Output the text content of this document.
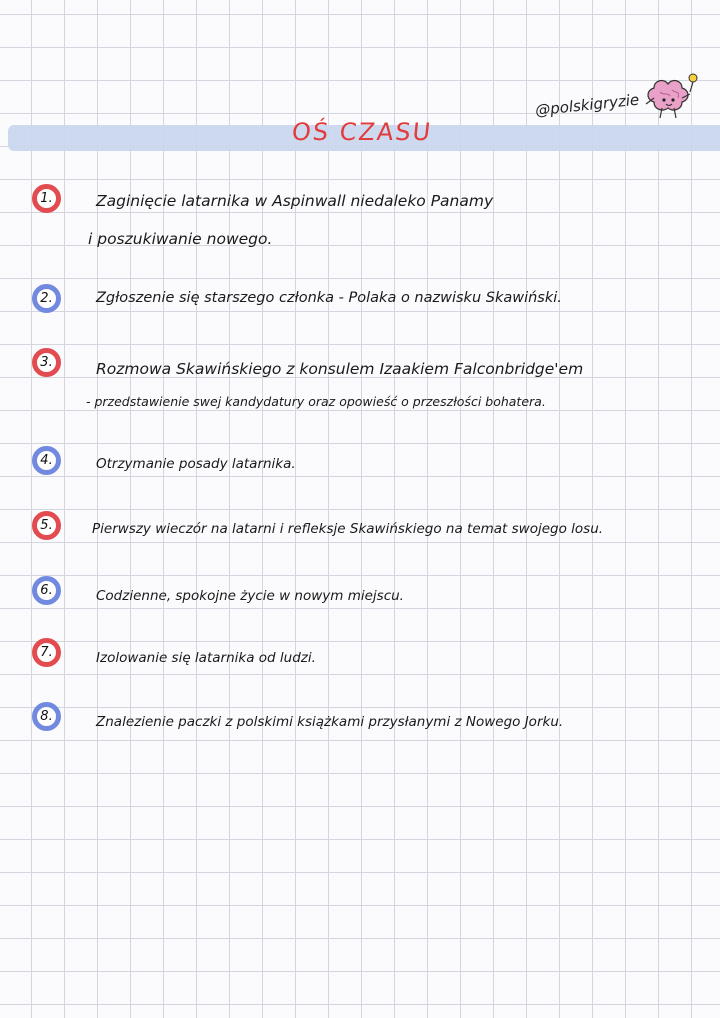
OŚ CZASU
@polskigryzie
1.	Zaginięcie latarnika w Aspinwall niedaleko Panamy
i poszukiwanie nowego.
2.	Zgłoszenie się starszego członka - Polaka o nazwisku Skawiński.
3.	Rozmowa Skawińskiego z konsulem Izaakiem Falconbridge'em
- przedstawienie swej kandydatury oraz opowieść o przeszłości bohatera.
4.	Otrzymanie posady latarnika.
5.	Pierwszy wieczór na latarni i refleksje Skawińskiego na temat swojego losu.
6.	Codzienne, spokojne życie w nowym miejscu.
7.	Izolowanie się latarnika od ludzi.
8.	Znalezienie paczki z polskimi książkami przysłanymi z Nowego Jorku.
